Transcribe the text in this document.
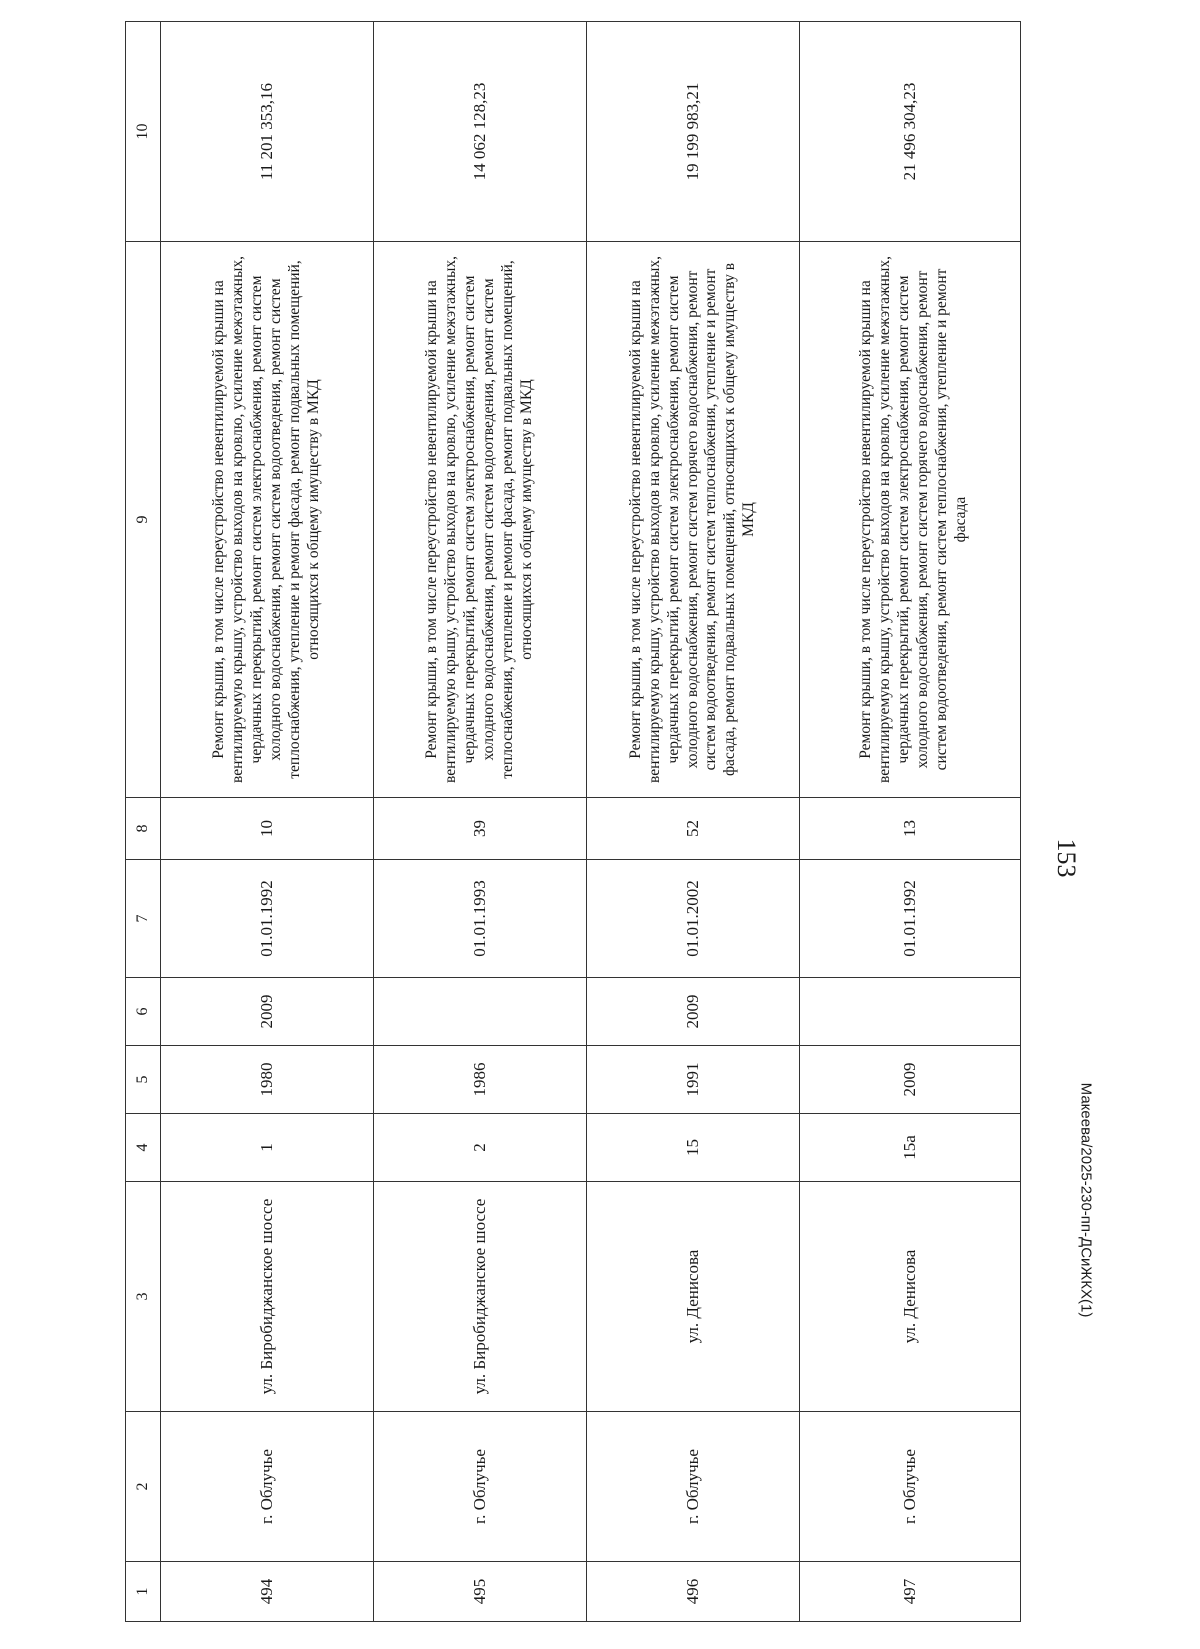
153
1	2	3	4	5	6	7	8	9	10
494	г. Облучье	ул. Биробиджанское шоссе	1	1980	2009	01.01.1992	10	Ремонт крыши, в том числе переустройство невентилируемой крыши на вентилируемую крышу, устройство выходов на кровлю, усиление межэтажных, чердачных перекрытий, ремонт систем электроснабжения, ремонт систем холодного водоснабжения, ремонт систем водоотведения, ремонт систем теплоснабжения, утепление и ремонт фасада, ремонт подвальных помещений, относящихся к общему имуществу в МКД	11 201 353,16
495	г. Облучье	ул. Биробиджанское шоссе	2	1986		01.01.1993	39	Ремонт крыши, в том числе переустройство невентилируемой крыши на вентилируемую крышу, устройство выходов на кровлю, усиление межэтажных, чердачных перекрытий, ремонт систем электроснабжения, ремонт систем холодного водоснабжения, ремонт систем водоотведения, ремонт систем теплоснабжения, утепление и ремонт фасада, ремонт подвальных помещений, относящихся к общему имуществу в МКД	14 062 128,23
496	г. Облучье	ул. Денисова	15	1991	2009	01.01.2002	52	Ремонт крыши, в том числе переустройство невентилируемой крыши на вентилируемую крышу, устройство выходов на кровлю, усиление межэтажных, чердачных перекрытий, ремонт систем электроснабжения, ремонт систем холодного водоснабжения, ремонт систем горячего водоснабжения, ремонт систем водоотведения, ремонт систем теплоснабжения, утепление и ремонт фасада, ремонт подвальных помещений, относящихся к общему имуществу в МКД	19 199 983,21
497	г. Облучье	ул. Денисова	15а	2009		01.01.1992	13	Ремонт крыши, в том числе переустройство невентилируемой крыши на вентилируемую крышу, устройство выходов на кровлю, усиление межэтажных, чердачных перекрытий, ремонт систем электроснабжения, ремонт систем холодного водоснабжения, ремонт систем горячего водоснабжения, ремонт систем водоотведения, ремонт систем теплоснабжения, утепление и ремонт фасада	21 496 304,23
Макеева/2025-230-пп-ДСиЖКХ(1)
